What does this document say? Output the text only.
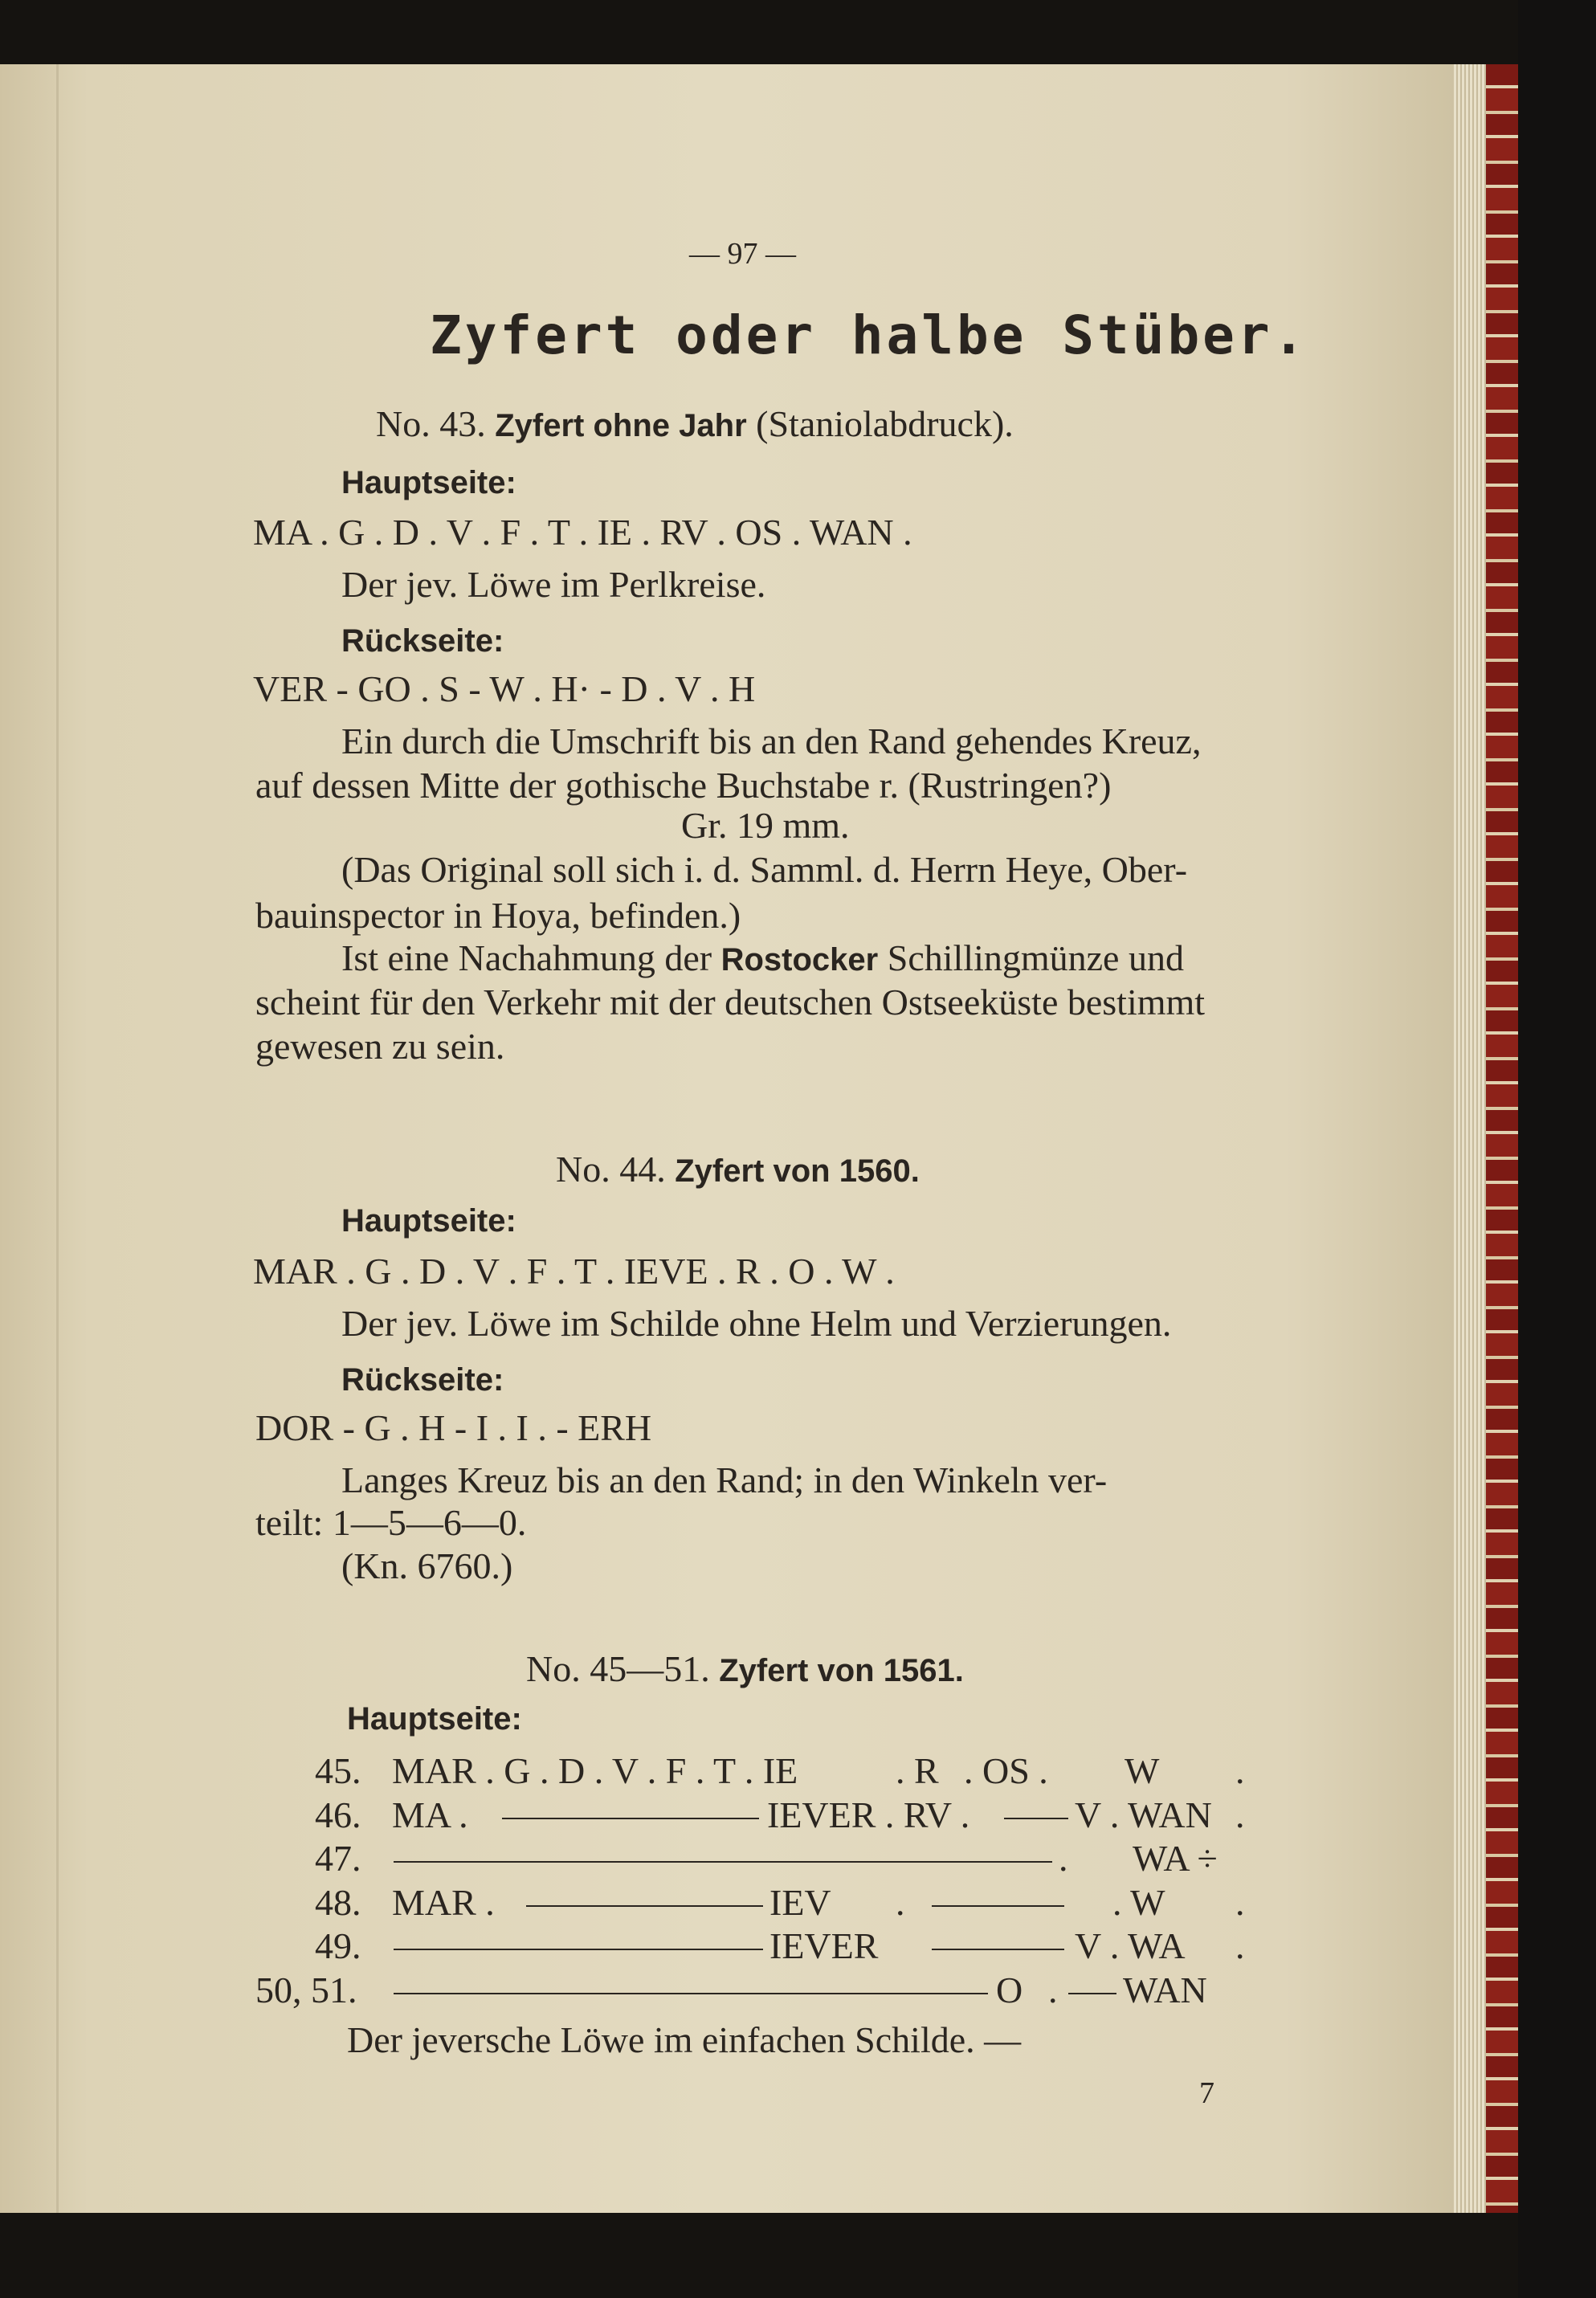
— 97 —
Zyfert oder halbe Stüber.
No. 43. Zyfert ohne Jahr (Staniolabdruck).
Hauptseite:
MA . G . D . V . F . T . IE . RV . OS . WAN .
Der jev. Löwe im Perlkreise.
Rückseite:
VER - GO . S - W . H· - D . V . H
Ein durch die Umschrift bis an den Rand gehendes Kreuz,
auf dessen Mitte der gothische Buchstabe r. (Rustringen?)
Gr. 19 mm.
(Das Original soll sich i. d. Samml. d. Herrn Heye, Ober-
bauinspector in Hoya, befinden.)
Ist eine Nachahmung der Rostocker Schillingmünze und
scheint für den Verkehr mit der deutschen Ostseeküste bestimmt
gewesen zu sein.
No. 44. Zyfert von 1560.
Hauptseite:
MAR . G . D . V . F . T . IEVE . R . O . W .
Der jev. Löwe im Schilde ohne Helm und Verzierungen.
Rückseite:
DOR - G . H - I . I . - ERH
Langes Kreuz bis an den Rand; in den Winkeln ver-
teilt: 1—5—6—0.
(Kn. 6760.)
No. 45—51. Zyfert von 1561.
Hauptseite:
45. MAR . G . D . V . F . T . IE	. R . OS . W .
46. MA .	IEVER . RV .	V . WAN .
47.	. WA ÷
48. MAR .	IEV .	. W .
49.	IEVER	V . WA .
50, 51.	O . WAN
Der jeversche Löwe im einfachen Schilde. —
7
